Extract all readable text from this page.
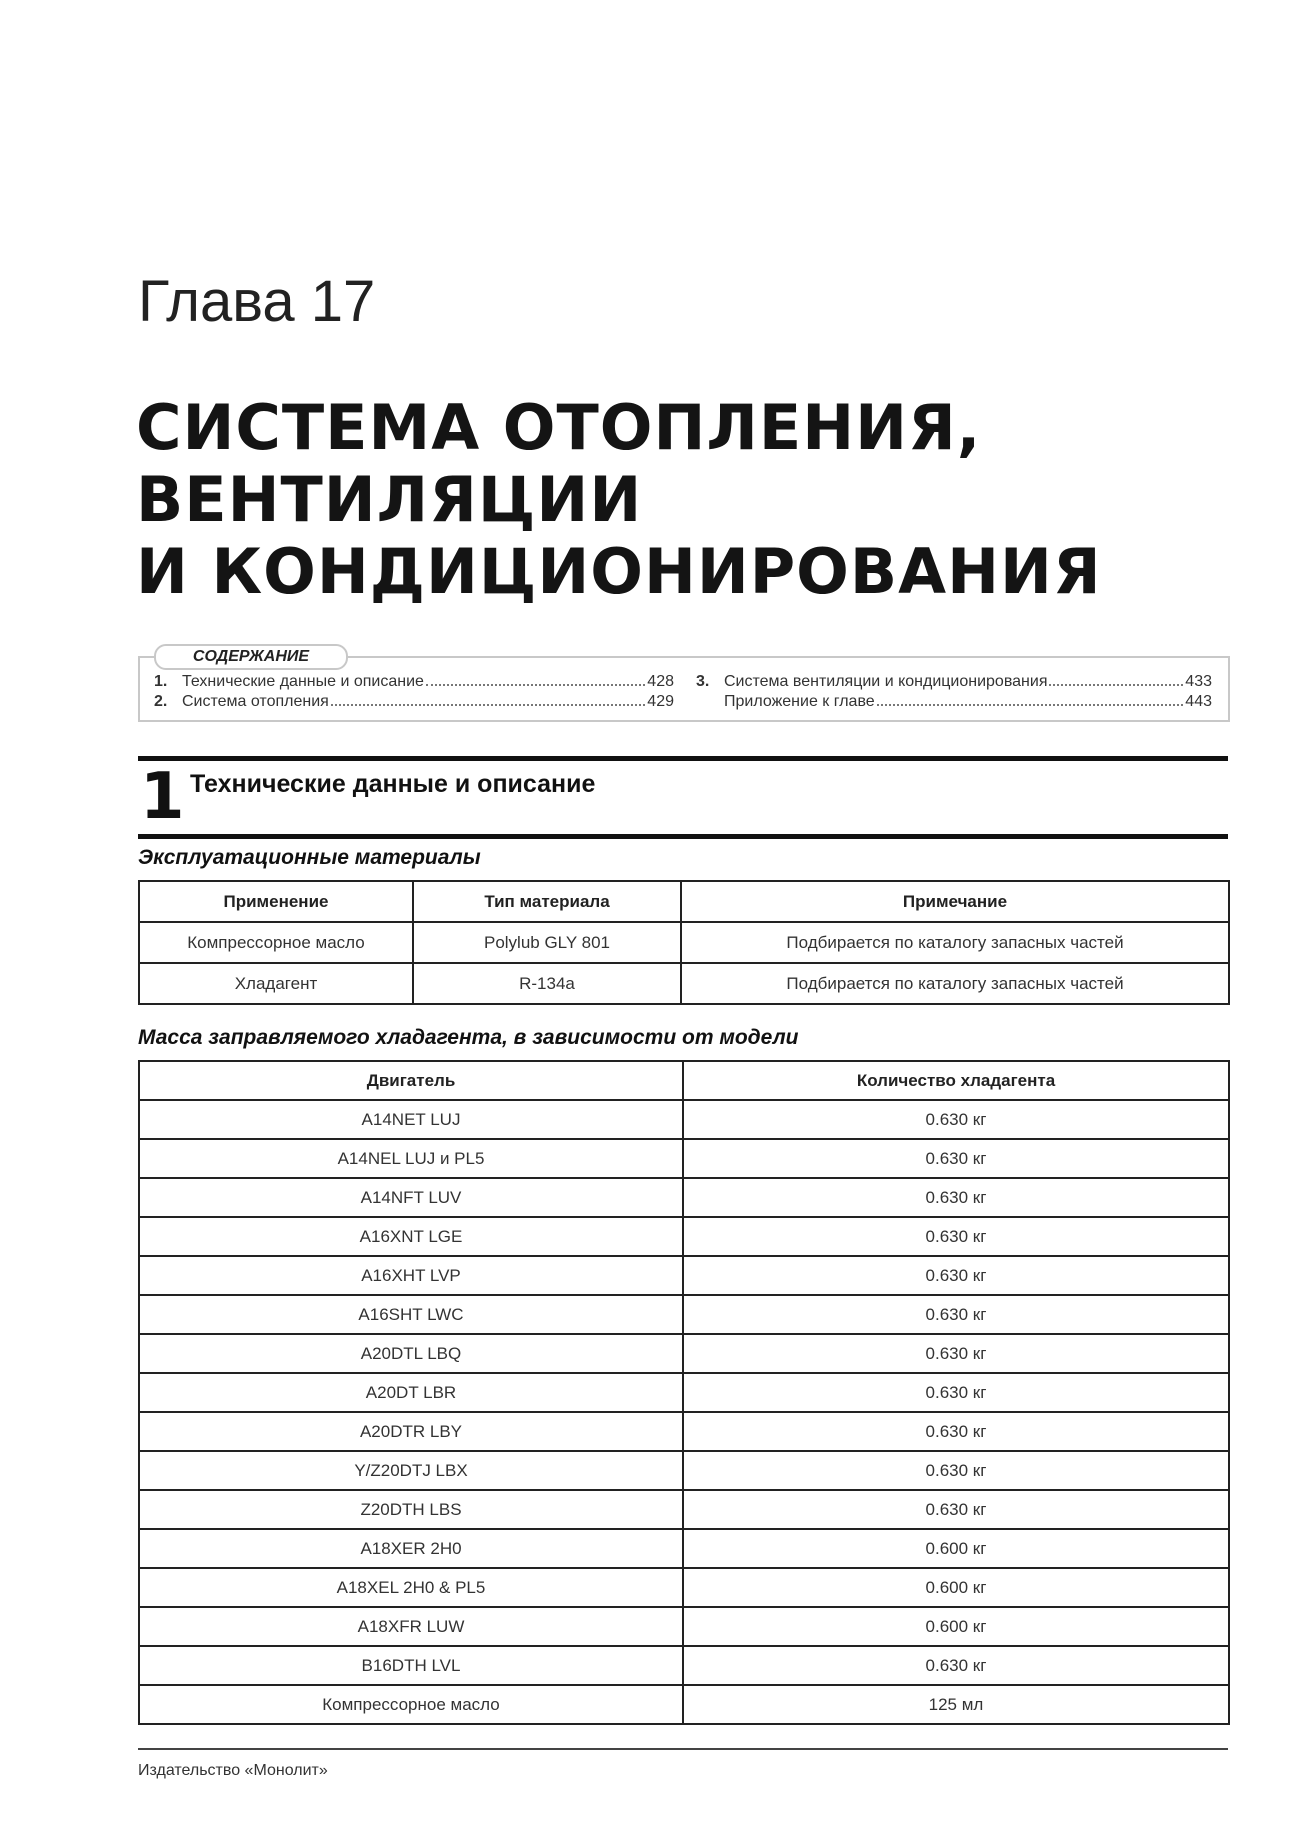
Глава 17
СИСТЕМА ОТОПЛЕНИЯ,
ВЕНТИЛЯЦИИ
И КОНДИЦИОНИРОВАНИЯ
СОДЕРЖАНИЕ
1. Технические данные и описание	428
2. Система отопления	429
3. Система вентиляции и кондиционирования	433
Приложение к главе	443
1 Технические данные и описание
Эксплуатационные материалы
Применение	Тип материала	Примечание
Компрессорное масло	Polylub GLY 801	Подбирается по каталогу запасных частей
Хладагент	R-134a	Подбирается по каталогу запасных частей
Масса заправляемого хладагента, в зависимости от модели
Двигатель	Количество хладагента
A14NET LUJ	0.630 кг
A14NEL LUJ и PL5	0.630 кг
A14NFT LUV	0.630 кг
A16XNT LGE	0.630 кг
A16XHT LVP	0.630 кг
A16SHT LWC	0.630 кг
A20DTL LBQ	0.630 кг
A20DT LBR	0.630 кг
A20DTR LBY	0.630 кг
Y/Z20DTJ LBX	0.630 кг
Z20DTH LBS	0.630 кг
A18XER 2H0	0.600 кг
A18XEL 2H0 & PL5	0.600 кг
A18XFR LUW	0.600 кг
B16DTH LVL	0.630 кг
Компрессорное масло	125 мл
Издательство «Монолит»
